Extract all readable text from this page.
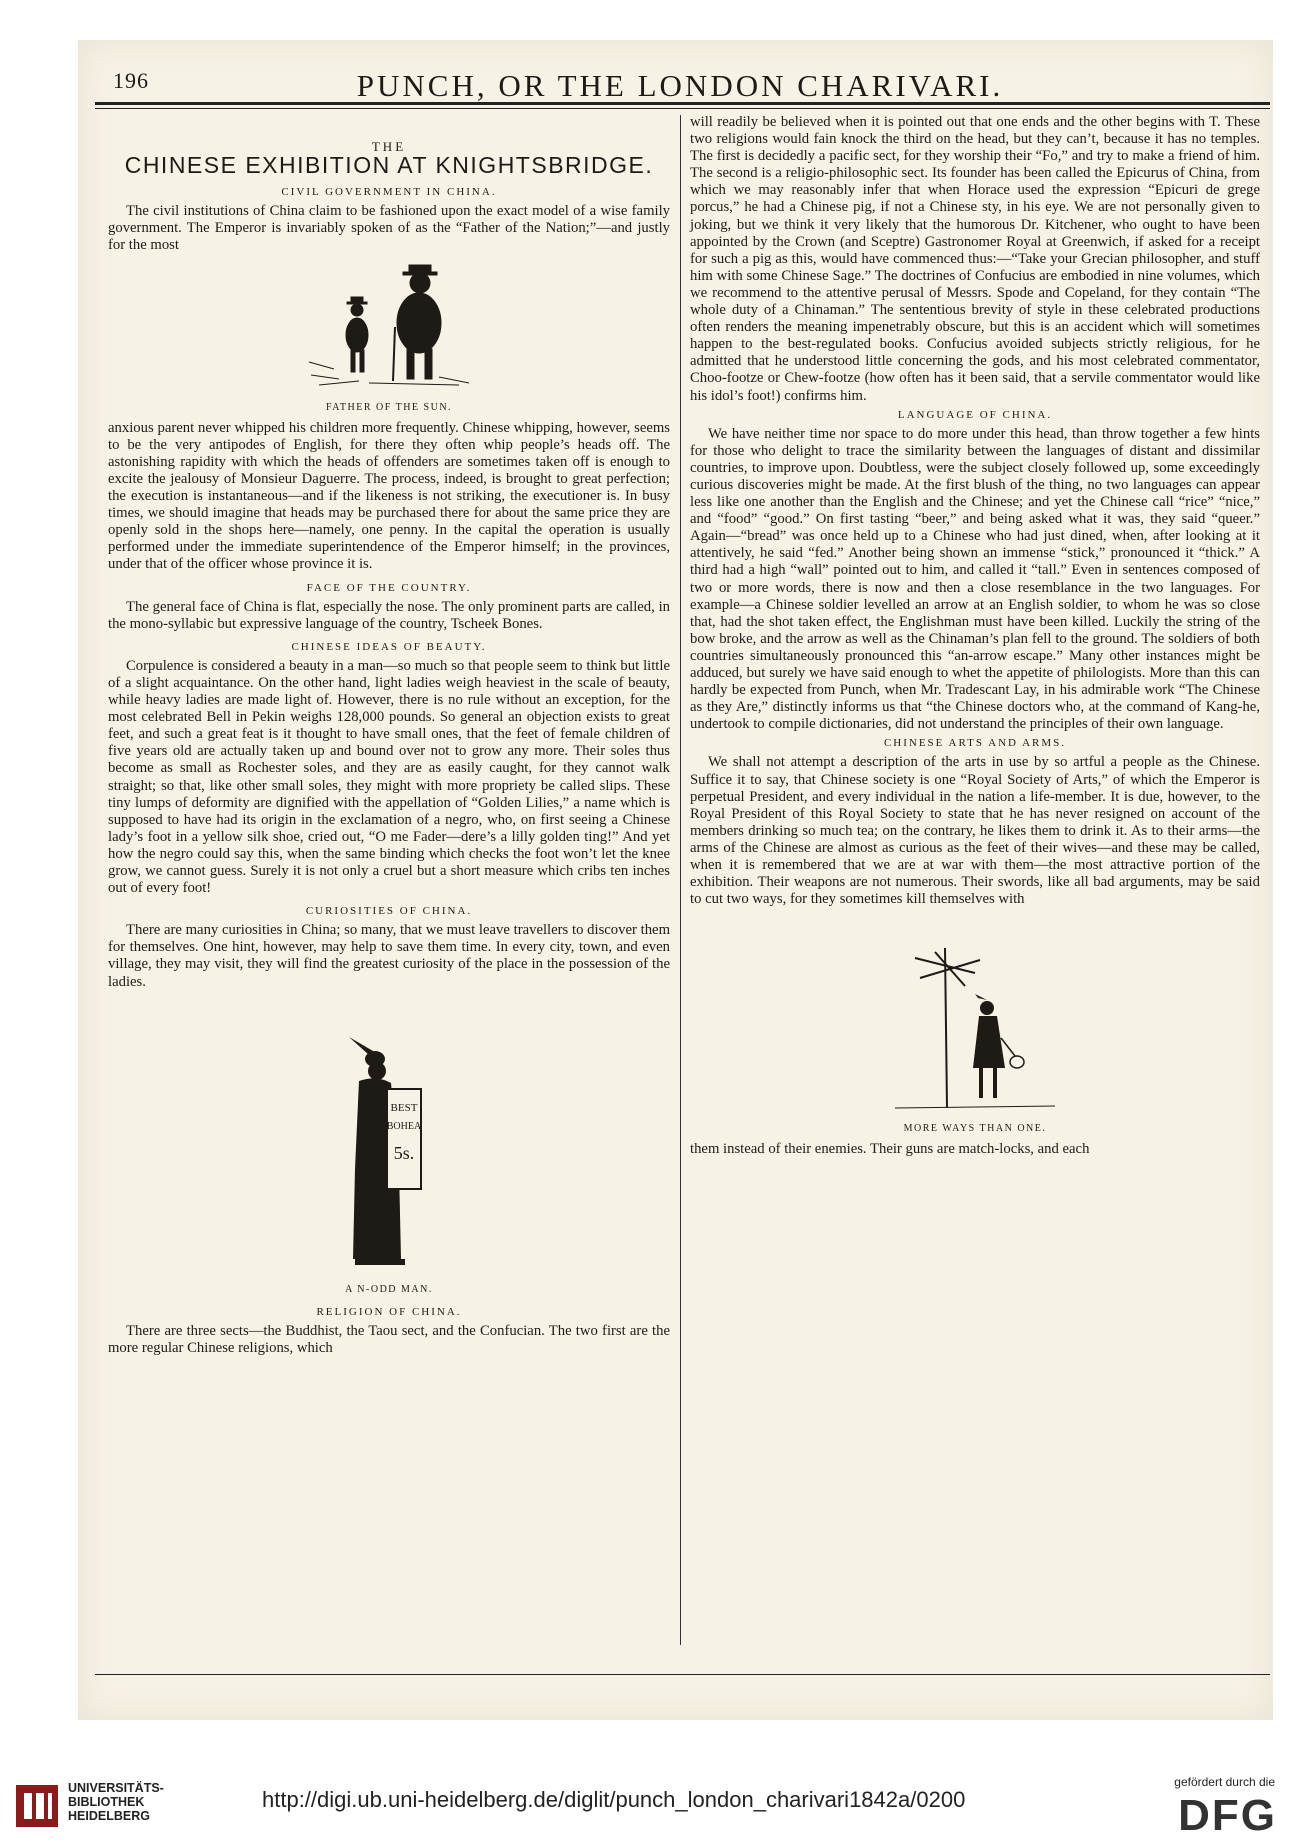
196	PUNCH, OR THE LONDON CHARIVARI.
THE
CHINESE EXHIBITION AT KNIGHTSBRIDGE.
CIVIL GOVERNMENT IN CHINA.

The civil institutions of China claim to be fashioned upon the exact model of a wise family government. The Emperor is invariably spoken of as the “Father of the Nation;”—and justly for the most

FATHER OF THE SUN.

anxious parent never whipped his children more frequently. Chinese whipping, however, seems to be the very antipodes of English, for there they often whip people’s heads off. The astonishing rapidity with which the heads of offenders are sometimes taken off is enough to excite the jealousy of Monsieur Daguerre. The process, indeed, is brought to great perfection; the execution is instantaneous—and if the likeness is not striking, the executioner is. In busy times, we should imagine that heads may be purchased there for about the same price they are openly sold in the shops here—namely, one penny. In the capital the operation is usually performed under the immediate superintendence of the Emperor himself; in the provinces, under that of the officer whose province it is.

FACE OF THE COUNTRY.

The general face of China is flat, especially the nose. The only prominent parts are called, in the mono-syllabic but expressive language of the country, Tscheek Bones.

CHINESE IDEAS OF BEAUTY.

Corpulence is considered a beauty in a man—so much so that people seem to think but little of a slight acquaintance. On the other hand, light ladies weigh heaviest in the scale of beauty, while heavy ladies are made light of. However, there is no rule without an exception, for the most celebrated Bell in Pekin weighs 128,000 pounds. So general an objection exists to great feet, and such a great feat is it thought to have small ones, that the feet of female children of five years old are actually taken up and bound over not to grow any more. Their soles thus become as small as Rochester soles, and they are as easily caught, for they cannot walk straight; so that, like other small soles, they might with more propriety be called slips. These tiny lumps of deformity are dignified with the appellation of “Golden Lilies,” a name which is supposed to have had its origin in the exclamation of a negro, who, on first seeing a Chinese lady’s foot in a yellow silk shoe, cried out, “O me Fader—dere’s a lilly golden ting!” And yet how the negro could say this, when the same binding which checks the foot won’t let the knee grow, we cannot guess. Surely it is not only a cruel but a short measure which cribs ten inches out of every foot!

CURIOSITIES OF CHINA.

There are many curiosities in China; so many, that we must leave travellers to discover them for themselves. One hint, however, may help to save them time. In every city, town, and even village, they may visit, they will find the greatest curiosity of the place in the possession of the ladies.

BEST
BOHEA
5s.
A N-ODD MAN.
RELIGION OF CHINA.

There are three sects—the Buddhist, the Taou sect, and the Confucian. The two first are the more regular Chinese religions, which

will readily be believed when it is pointed out that one ends and the other begins with T. These two religions would fain knock the third on the head, but they can’t, because it has no temples. The first is decidedly a pacific sect, for they worship their “Fo,” and try to make a friend of him. The second is a religio-philosophic sect. Its founder has been called the Epicurus of China, from which we may reasonably infer that when Horace used the expression “Epicuri de grege porcus,” he had a Chinese pig, if not a Chinese sty, in his eye. We are not personally given to joking, but we think it very likely that the humorous Dr. Kitchener, who ought to have been appointed by the Crown (and Sceptre) Gastronomer Royal at Greenwich, if asked for a receipt for such a pig as this, would have commenced thus:—“Take your Grecian philosopher, and stuff him with some Chinese Sage.” The doctrines of Confucius are embodied in nine volumes, which we recommend to the attentive perusal of Messrs. Spode and Copeland, for they contain “The whole duty of a Chinaman.” The sententious brevity of style in these celebrated productions often renders the meaning impenetrably obscure, but this is an accident which will sometimes happen to the best-regulated books. Confucius avoided subjects strictly religious, for he admitted that he understood little concerning the gods, and his most celebrated commentator, Choo-footze or Chew-footze (how often has it been said, that a servile commentator would like his idol’s foot!) confirms him.

LANGUAGE OF CHINA.

We have neither time nor space to do more under this head, than throw together a few hints for those who delight to trace the similarity between the languages of distant and dissimilar countries, to improve upon. Doubtless, were the subject closely followed up, some exceedingly curious discoveries might be made. At the first blush of the thing, no two languages can appear less like one another than the English and the Chinese; and yet the Chinese call “rice” “nice,” and “food” “good.” On first tasting “beer,” and being asked what it was, they said “queer.” Again—“bread” was once held up to a Chinese who had just dined, when, after looking at it attentively, he said “fed.” Another being shown an immense “stick,” pronounced it “thick.” A third had a high “wall” pointed out to him, and called it “tall.” Even in sentences composed of two or more words, there is now and then a close resemblance in the two languages. For example—a Chinese soldier levelled an arrow at an English soldier, to whom he was so close that, had the shot taken effect, the Englishman must have been killed. Luckily the string of the bow broke, and the arrow as well as the Chinaman’s plan fell to the ground. The soldiers of both countries simultaneously pronounced this “an-arrow escape.” Many other instances might be adduced, but surely we have said enough to whet the appetite of philologists. More than this can hardly be expected from Punch, when Mr. Tradescant Lay, in his admirable work “The Chinese as they Are,” distinctly informs us that “the Chinese doctors who, at the command of Kang-he, undertook to compile dictionaries, did not understand the principles of their own language.

CHINESE ARTS AND ARMS.

We shall not attempt a description of the arts in use by so artful a people as the Chinese. Suffice it to say, that Chinese society is one “Royal Society of Arts,” of which the Emperor is perpetual President, and every individual in the nation a life-member. It is due, however, to the Royal President of this Royal Society to state that he has never resigned on account of the members drinking so much tea; on the contrary, he likes them to drink it. As to their arms—the arms of the Chinese are almost as curious as the feet of their wives—and these may be called, when it is remembered that we are at war with them—the most attractive portion of the exhibition. Their weapons are not numerous. Their swords, like all bad arguments, may be said to cut two ways, for they sometimes kill themselves with

MORE WAYS THAN ONE.

them instead of their enemies. Their guns are match-locks, and each

UNIVERSITÄTS-
BIBLIOTHEK
HEIDELBERG
http://digi.ub.uni-heidelberg.de/diglit/punch_london_charivari1842a/0200
gefördert durch die
DFG
